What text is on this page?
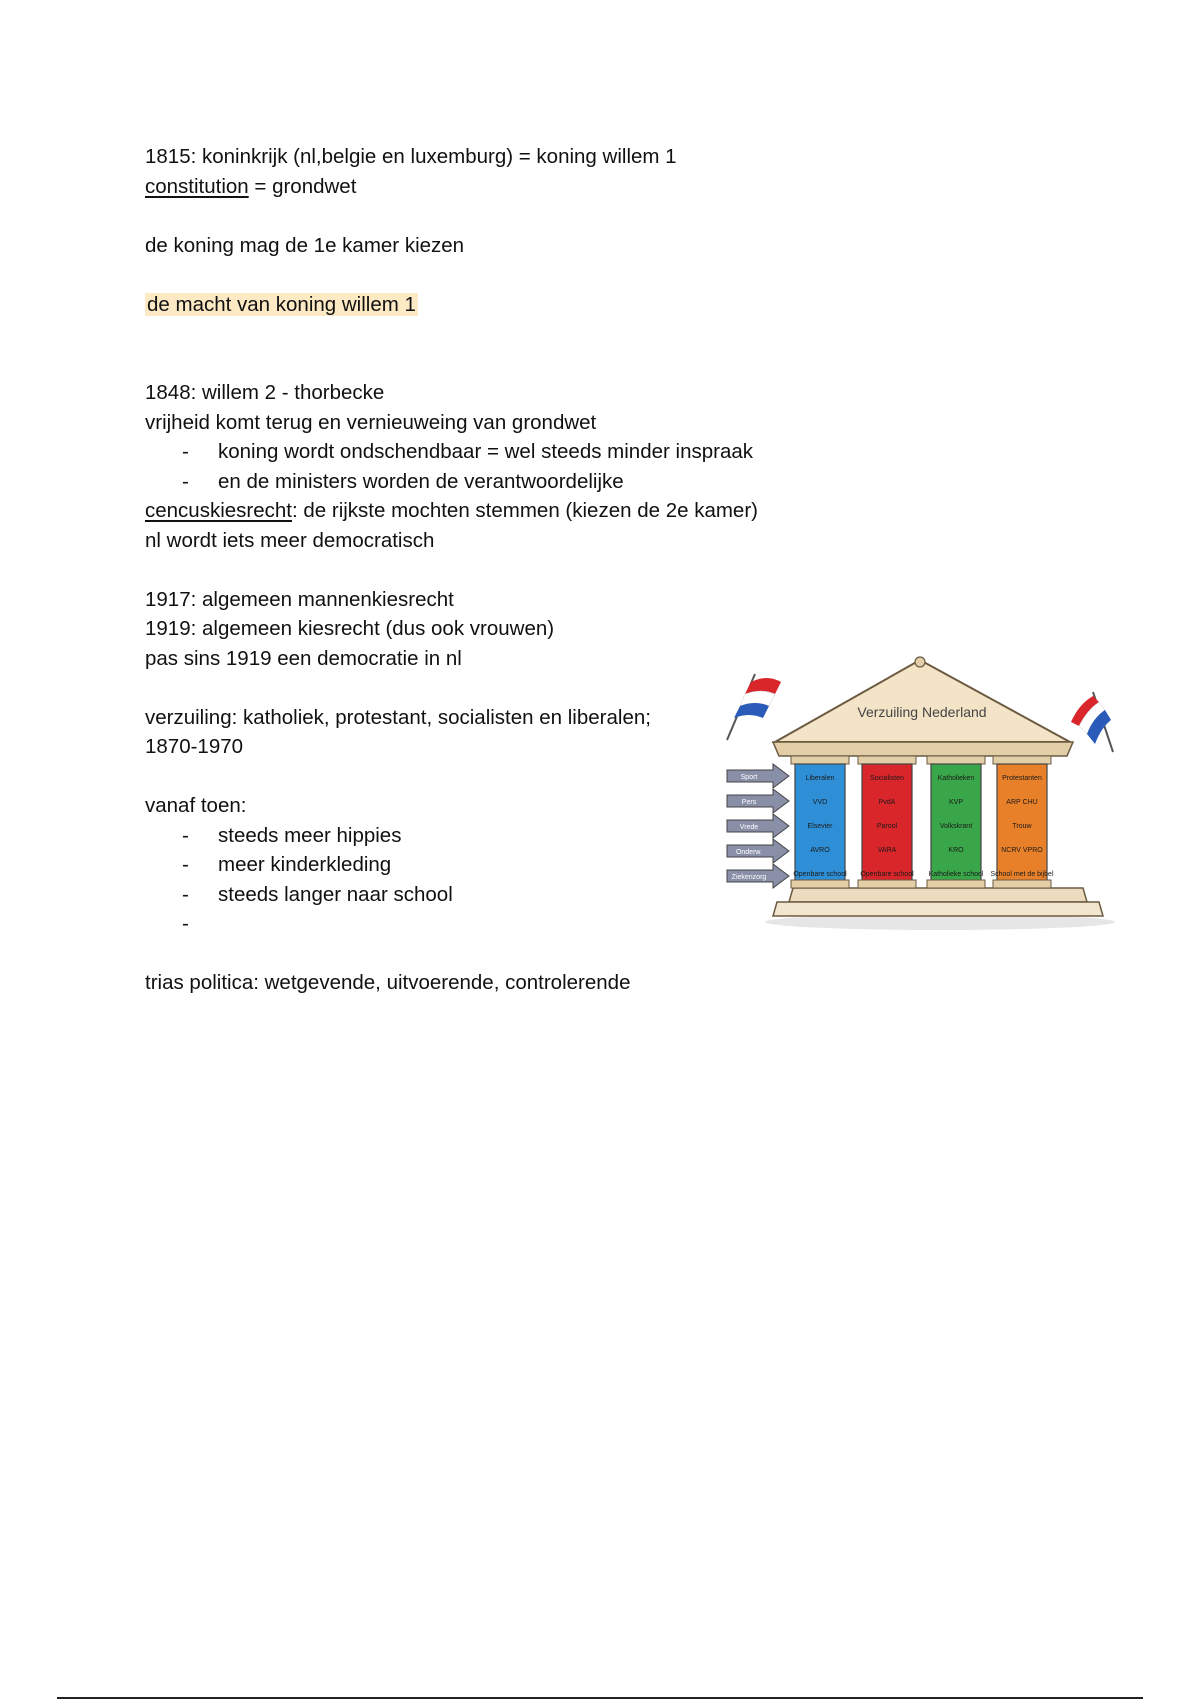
1815: koninkrijk (nl,belgie en luxemburg) = koning willem 1
constitution = grondwet
de koning mag de 1e kamer kiezen
de macht van koning willem 1
1848: willem 2 - thorbecke
vrijheid komt terug en vernieuweing van grondwet
- koning wordt ondschendbaar = wel steeds minder inspraak
- en de ministers worden de verantwoordelijke
cencuskiesrecht: de rijkste mochten stemmen (kiezen de 2e kamer)
nl wordt iets meer democratisch
1917: algemeen mannenkiesrecht
1919: algemeen kiesrecht (dus ook vrouwen)
pas sins 1919 een democratie in nl
verzuiling: katholiek, protestant, socialisten en liberalen;
1870-1970
vanaf toen:
- steeds meer hippies
- meer kinderkleding
- steeds langer naar school
-
trias politica: wetgevende, uitvoerende, controlerende
Verzuiling Nederland
Liberalen
VVD
Elsevier
AVRO
Openbare school
Socialisten
PvdA
Parool
VARA
Openbare school
Katholieken
KVP
Volkskrant
KRO
Katholieke school
Protestanten
ARP CHU
Trouw
NCRV VPRO
School met de bijbel
Sport
Pers
Vrede
Onderw.
Ziekenzorg
